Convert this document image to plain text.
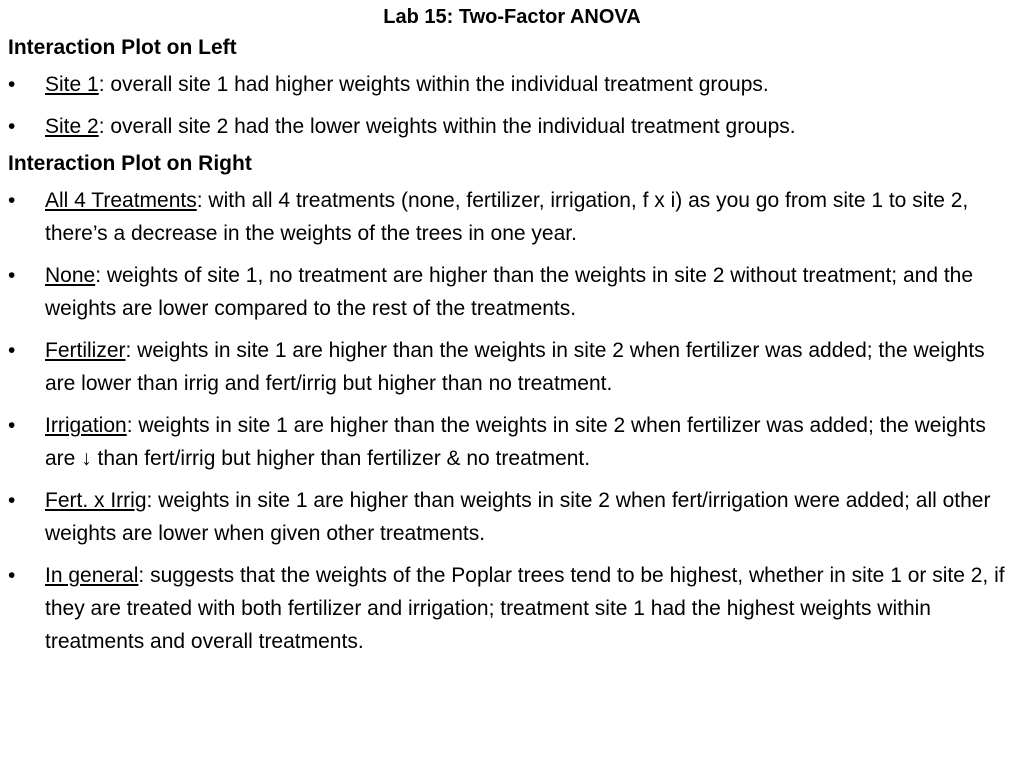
Lab 15: Two-Factor ANOVA
Interaction Plot on Left
•	Site 1: overall site 1 had higher weights within the individual treatment groups.
•	Site 2: overall site 2 had the lower weights within the individual treatment groups.
Interaction Plot on Right
•	All 4 Treatments: with all 4 treatments (none, fertilizer, irrigation, f x i) as you go from site 1 to site 2, there’s a decrease in the weights of the trees in one year.
•	None: weights of site 1, no treatment are higher than the weights in site 2 without treatment; and the weights are lower compared to the rest of the treatments.
•	Fertilizer: weights in site 1 are higher than the weights in site 2 when fertilizer was added; the weights are lower than irrig and fert/irrig but higher than no treatment.
•	Irrigation: weights in site 1 are higher than the weights in site 2 when fertilizer was added; the weights are ↓ than fert/irrig but higher than fertilizer & no treatment.
•	Fert. x Irrig: weights in site 1 are higher than weights in site 2 when fert/irrigation were added; all other weights are lower when given other treatments.
•	In general: suggests that the weights of the Poplar trees tend to be highest, whether in site 1 or site 2, if they are treated with both fertilizer and irrigation; treatment site 1 had the highest weights within treatments and overall treatments.
